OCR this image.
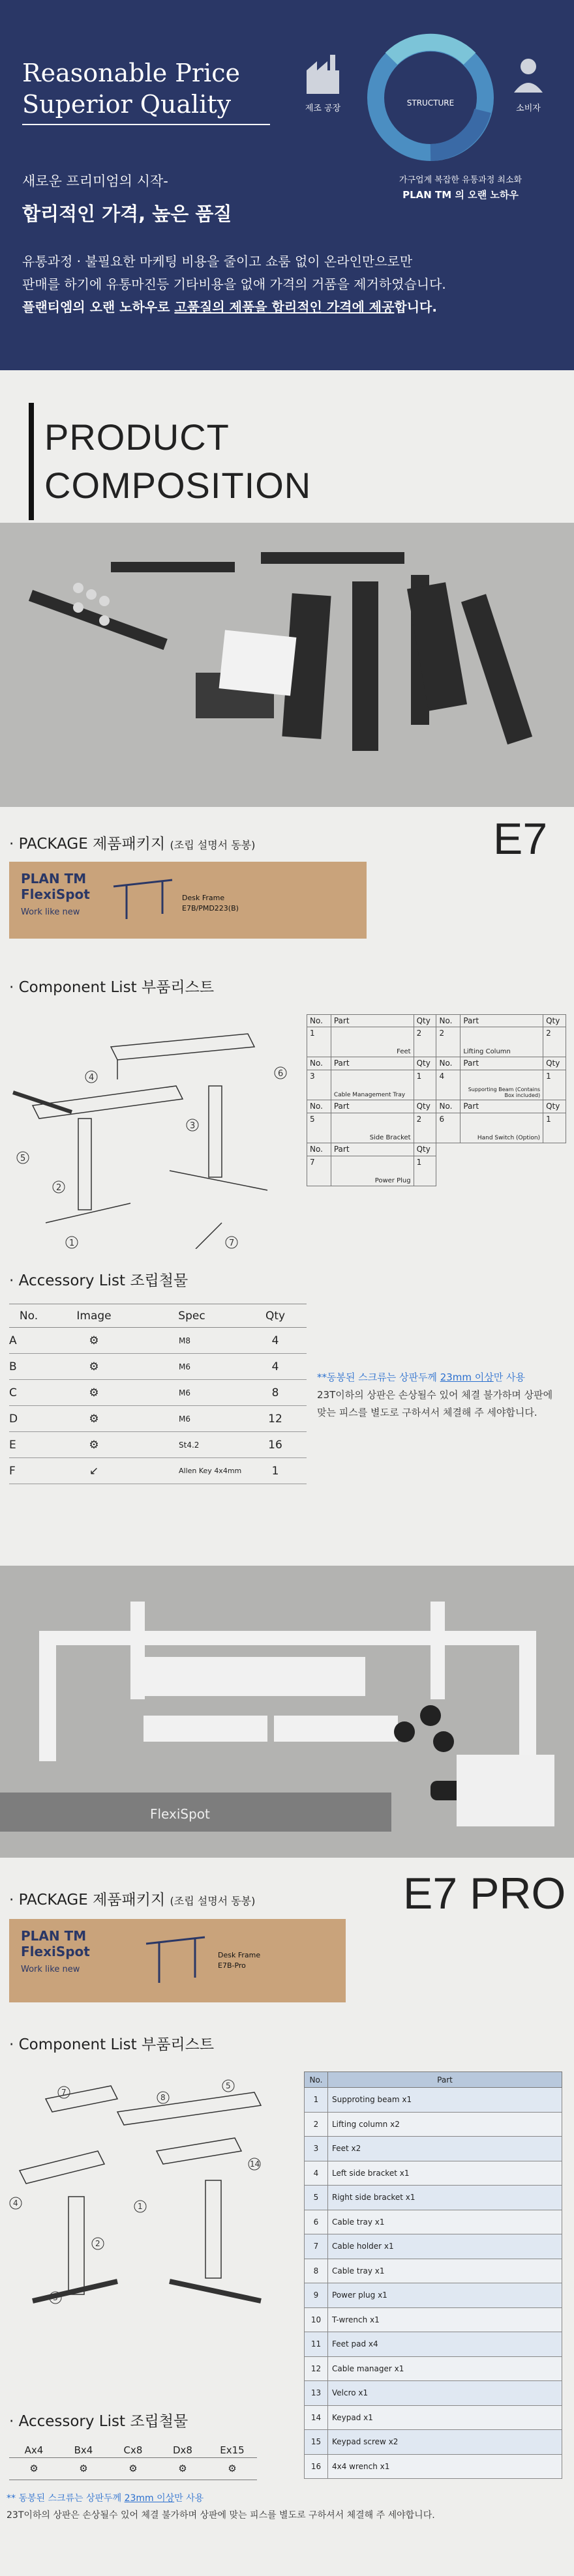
Reasonable Price
Superior Quality	제조 공장
STRUCTURE
소비자
새로운 프리미엄의 시작-
합리적인 가격, 높은 품질
가구업계 복잡한 유통과정 최소화
PLAN TM 의 오랜 노하우
유통과정 · 불필요한 마케팅 비용을 줄이고 쇼룸 없이 온라인만으로만
판매를 하기에 유통마진등 기타비용을 없애 가격의 거품을 제거하였습니다.
플랜티엠의 오랜 노하우로 고품질의 제품을 합리적인 가격에 제공합니다.
PRODUCT
COMPOSITION
· PACKAGE 제품패키지 (조립 설명서 동봉)	E7
PLAN TM
FlexiSpot
Work like new
Desk Frame
E7B/PMD223(B)
· Component List 부품리스트
4
3
5
2
1
6
7
No.	Part	Qty	No.	Part	Qty
1	Feet	2	2	Lifting Column	2
No.	Part	Qty	No.	Part	Qty
3	Cable Management Tray	1	4	Supporting Beam (Contains Box included)	1
No.	Part	Qty	No.	Part	Qty
5	Side Bracket	2	6	Hand Switch (Option)	1
No.	Part	Qty			
7	Power Plug	1			
· Accessory List 조립철물
No.	Image	Spec	Qty
A	⚙	M8	4
B	⚙	M6	4
C	⚙	M6	8
D	⚙	M6	12
E	⚙	St4.2	16
F	↙	Allen Key 4x4mm	1
**동봉된 스크류는 상판두께 23mm 이상만 사용
23T이하의 상판은 손상될수 있어 체결 불가하며 상판에
맞는 피스를 별도로 구하셔서 체결해 주 세야합니다.
FlexiSpot
· PACKAGE 제품패키지 (조립 설명서 동봉)	E7 PRO
PLAN TM
FlexiSpot
Work like new
Desk Frame
E7B-Pro
· Component List 부품리스트
7
8
5
4	1
2
3
14
No.	Part
1	Supproting beam x1
2	Lifting column x2
3	Feet x2
4	Left side bracket x1
5	Right side bracket x1
6	Cable tray x1
7	Cable holder x1
8	Cable tray x1
9	Power plug x1
10	T-wrench x1
11	Feet pad x4
12	Cable manager x1
13	Velcro x1
14	Keypad x1
15	Keypad screw x2
16	4x4 wrench x1
· Accessory List 조립철물
Ax4	Bx4	Cx8	Dx8	Ex15
⚙	⚙	⚙	⚙	⚙
** 동봉된 스크류는 상판두께 23mm 이상만 사용
23T이하의 상판은 손상될수 있어 체결 불가하며 상판에 맞는 피스를 별도로 구하셔서 체결해 주 세야합니다.
